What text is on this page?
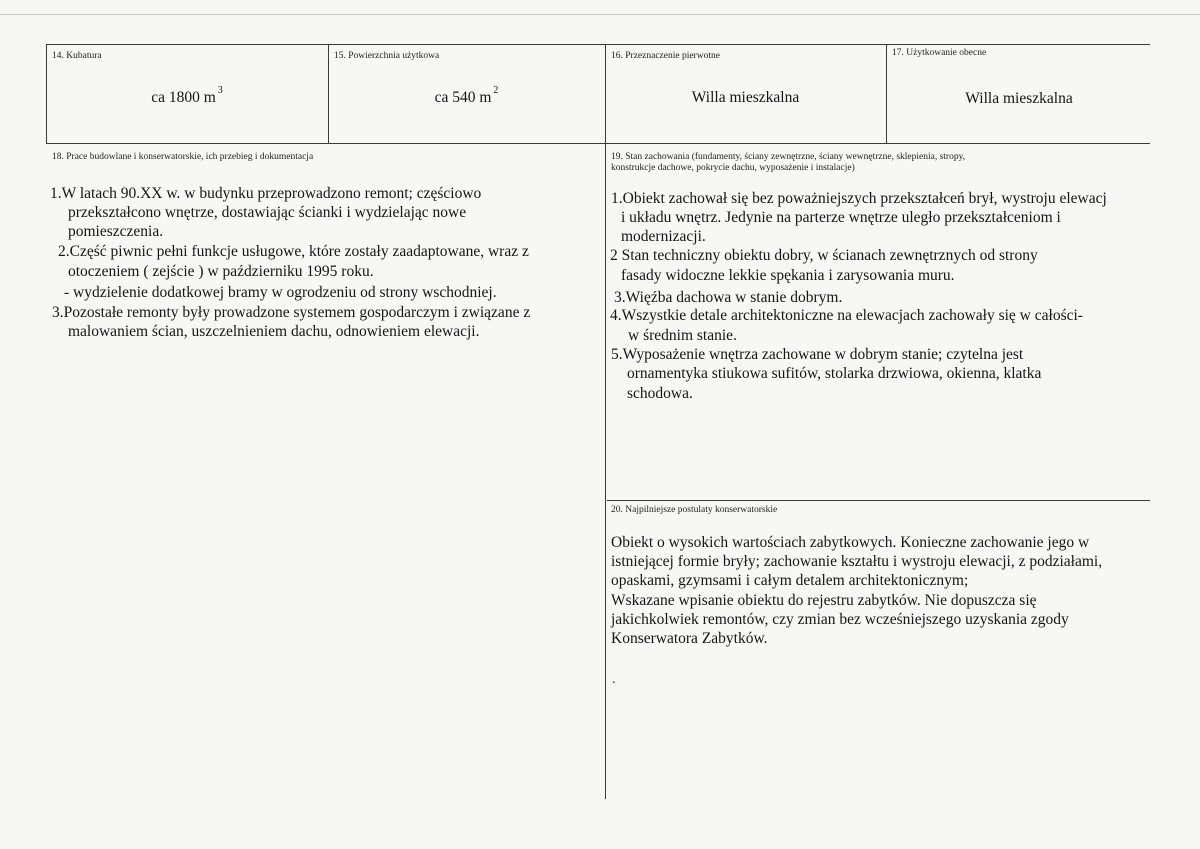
14. Kubatura
ca 1800 m $^3$
15. Powierzchnia użytkowa
ca 540 m $^2$
16. Przeznaczenie pierwotne
Willa mieszkalna
17. Użytkowanie obecne
Willa mieszkalna
18. Prace budowlane i konserwatorskie, ich przebieg i dokumentacja
1.W latach 90.XX w. w budynku przeprowadzono remont; częściowo
przekształcono wnętrze, dostawiając ścianki i wydzielając nowe
pomieszczenia.
2.Część piwnic pełni funkcje usługowe, które zostały zaadaptowane, wraz z
otoczeniem ( zejście ) w październiku 1995 roku.
- wydzielenie dodatkowej bramy w ogrodzeniu od strony wschodniej.
3.Pozostałe remonty były prowadzone systemem gospodarczym i związane z
malowaniem ścian, uszczelnieniem dachu, odnowieniem elewacji.
19. Stan zachowania (fundamenty, ściany zewnętrzne, ściany wewnętrzne, sklepienia, stropy,
konstrukcje dachowe, pokrycie dachu, wyposażenie i instalacje)
1.Obiekt zachował się bez poważniejszych przekształceń brył, wystroju elewacj
i układu wnętrz. Jedynie na parterze wnętrze uległo przekształceniom i
modernizacji.
2 Stan techniczny obiektu dobry, w ścianach zewnętrznych od strony
fasady widoczne lekkie spękania i zarysowania muru.
3.Więźba dachowa w stanie dobrym.
4.Wszystkie detale architektoniczne na elewacjach zachowały się w całości-
w średnim stanie.
5.Wyposażenie wnętrza zachowane w dobrym stanie; czytelna jest
ornamentyka stiukowa sufitów, stolarka drzwiowa, okienna, klatka
schodowa.
20. Najpilniejsze postulaty konserwatorskie
Obiekt o wysokich wartościach zabytkowych. Konieczne zachowanie jego w
istniejącej formie bryły; zachowanie kształtu i wystroju elewacji, z podziałami,
opaskami, gzymsami i całym detalem architektonicznym;
Wskazane wpisanie obiektu do rejestru zabytków. Nie dopuszcza się
jakichkolwiek remontów, czy zmian bez wcześniejszego uzyskania zgody
Konserwatora Zabytków.
.
